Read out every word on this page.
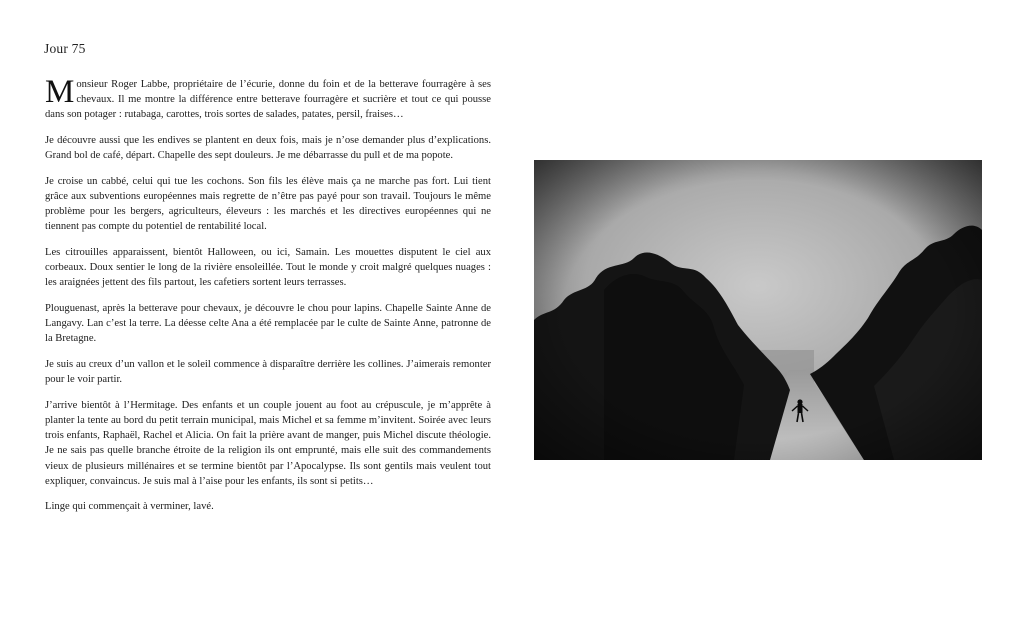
Jour 75

Monsieur Roger Labbe, propriétaire de l’écurie, donne du foin et de la betterave fourragère à ses chevaux. Il me montre la différence entre betterave fourragère et sucrière et tout ce qui pousse dans son potager : rutabaga, carottes, trois sortes de salades, patates, persil, fraises…

Je découvre aussi que les endives se plantent en deux fois, mais je n’ose demander plus d’explications. Grand bol de café, départ. Chapelle des sept douleurs. Je me débarrasse du pull et de ma popote.

Je croise un cabbé, celui qui tue les cochons. Son fils les élève mais ça ne marche pas fort. Lui tient grâce aux subventions européennes mais regrette de n’être pas payé pour son travail. Toujours le même problème pour les bergers, agriculteurs, éleveurs : les marchés et les directives européennes qui ne tiennent pas compte du potentiel de rentabilité local.

Les citrouilles apparaissent, bientôt Halloween, ou ici, Samain. Les mouettes disputent le ciel aux corbeaux. Doux sentier le long de la rivière ensoleillée. Tout le monde y croit malgré quelques nuages : les araignées jettent des fils partout, les cafetiers sortent leurs terrasses.

Plouguenast, après la betterave pour chevaux, je découvre le chou pour lapins. Chapelle Sainte Anne de Langavy. Lan c’est la terre. La déesse celte Ana a été remplacée par le culte de Sainte Anne, patronne de la Bretagne.

Je suis au creux d’un vallon et le soleil commence à disparaître derrière les collines. J’aimerais remonter pour le voir partir.

J’arrive bientôt à l’Hermitage. Des enfants et un couple jouent au foot au crépuscule, je m’apprête à planter la tente au bord du petit terrain municipal, mais Michel et sa femme m’invitent. Soirée avec leurs trois enfants, Raphaël, Rachel et Alicia. On fait la prière avant de manger, puis Michel discute théologie. Je ne sais pas quelle branche étroite de la religion ils ont emprunté, mais elle suit des commandements vieux de plusieurs millénaires et se termine bientôt par l’Apocalypse. Ils sont gentils mais veulent tout expliquer, convaincus. Je suis mal à l’aise pour les enfants, ils sont si petits…

Linge qui commençait à verminer, lavé.
